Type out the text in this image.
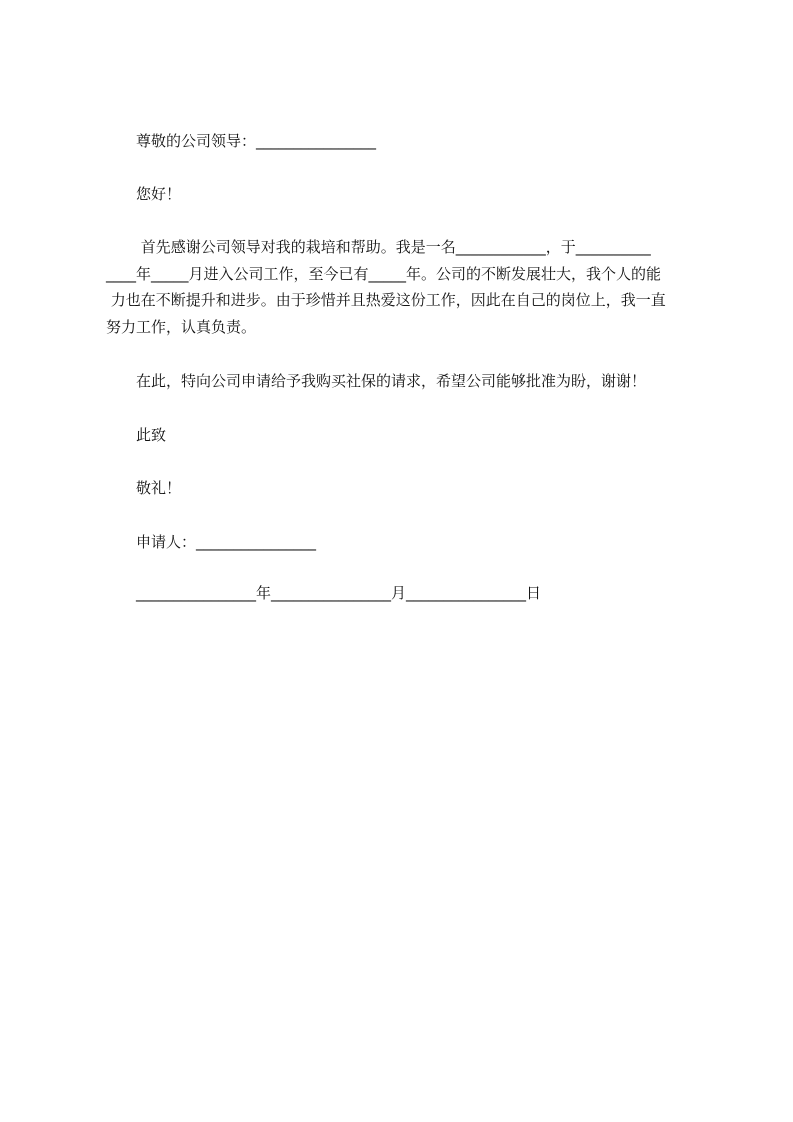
尊敬的公司领导：________________
您好！
首先感谢公司领导对我的栽培和帮助。我是一名____________，于__________
____年_____月进入公司工作，至今已有_____年。公司的不断发展壮大，我个人的能
力也在不断提升和进步。由于珍惜并且热爱这份工作，因此在自己的岗位上，我一直
努力工作，认真负责。
在此，特向公司申请给予我购买社保的请求，希望公司能够批准为盼，谢谢！
此致
敬礼！
申请人：________________
________________年________________月________________日
